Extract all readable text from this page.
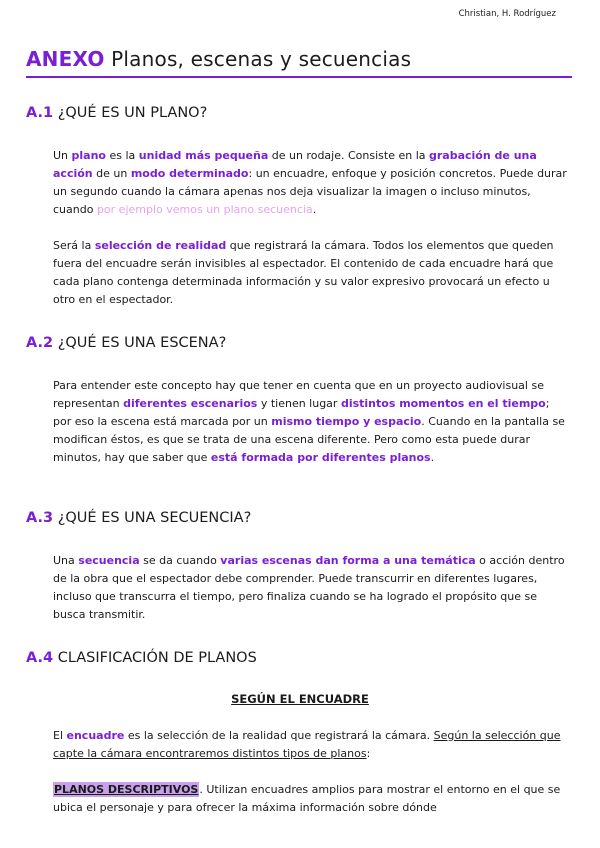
Christian, H. Rodríguez
ANEXO Planos, escenas y secuencias
A.1 ¿QUÉ ES UN PLANO?

Un plano es la unidad más pequeña de un rodaje. Consiste en la grabación de una acción de un modo determinado: un encuadre, enfoque y posición concretos. Puede durar un segundo cuando la cámara apenas nos deja visualizar la imagen o incluso minutos, cuando por ejemplo vemos un plano secuencia.

Será la selección de realidad que registrará la cámara. Todos los elementos que queden fuera del encuadre serán invisibles al espectador. El contenido de cada encuadre hará que cada plano contenga determinada información y su valor expresivo provocará un efecto u otro en el espectador.

A.2 ¿QUÉ ES UNA ESCENA?

Para entender este concepto hay que tener en cuenta que en un proyecto audiovisual se representan diferentes escenarios y tienen lugar distintos momentos en el tiempo; por eso la escena está marcada por un mismo tiempo y espacio. Cuando en la pantalla se modifican éstos, es que se trata de una escena diferente. Pero como esta puede durar minutos, hay que saber que está formada por diferentes planos.

A.3 ¿QUÉ ES UNA SECUENCIA?

Una secuencia se da cuando varias escenas dan forma a una temática o acción dentro de la obra que el espectador debe comprender. Puede transcurrir en diferentes lugares, incluso que transcurra el tiempo, pero finaliza cuando se ha logrado el propósito que se busca transmitir.

A.4 CLASIFICACIÓN DE PLANOS
SEGÚN EL ENCUADRE

El encuadre es la selección de la realidad que registrará la cámara. Según la selección que capte la cámara encontraremos distintos tipos de planos:

PLANOS DESCRIPTIVOS. Utilizan encuadres amplios para mostrar el entorno en el que se ubica el personaje y para ofrecer la máxima información sobre dónde
